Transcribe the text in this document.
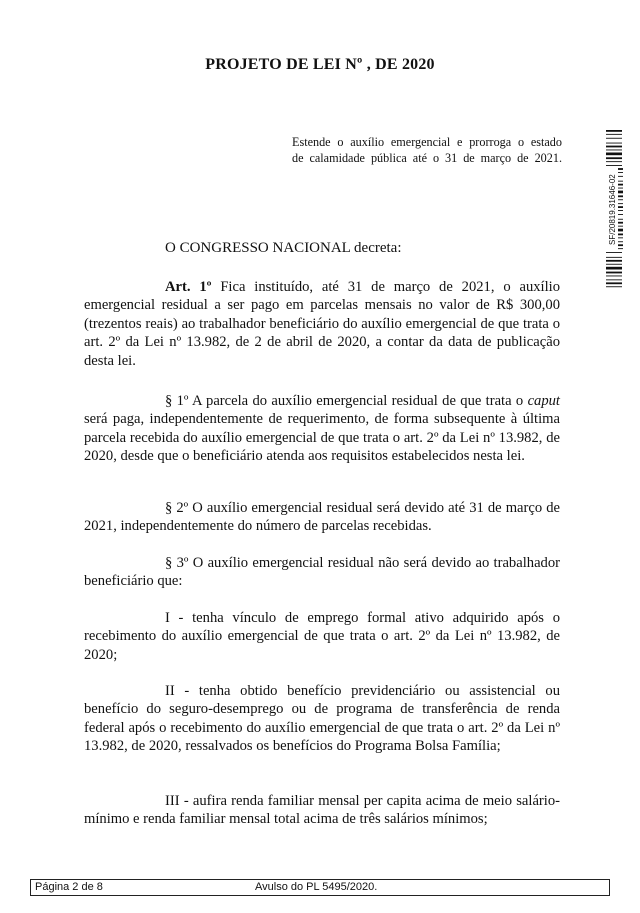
PROJETO DE LEI Nº , DE 2020
Estende o auxílio emergencial e prorroga o estado
de calamidade pública até o 31 de março de 2021.
SF/20819.31646-02
O CONGRESSO NACIONAL decreta:
Art. 1º Fica instituído, até 31 de março de 2021, o auxílio emergencial residual a ser pago em parcelas mensais no valor de R$ 300,00 (trezentos reais) ao trabalhador beneficiário do auxílio emergencial de que trata o art. 2º da Lei nº 13.982, de 2 de abril de 2020, a contar da data de publicação desta lei.
§ 1º A parcela do auxílio emergencial residual de que trata o caput será paga, independentemente de requerimento, de forma subsequente à última parcela recebida do auxílio emergencial de que trata o art. 2º da Lei nº 13.982, de 2020, desde que o beneficiário atenda aos requisitos estabelecidos nesta lei.
§ 2º O auxílio emergencial residual será devido até 31 de março de 2021, independentemente do número de parcelas recebidas.
§ 3º O auxílio emergencial residual não será devido ao trabalhador beneficiário que:
I - tenha vínculo de emprego formal ativo adquirido após o recebimento do auxílio emergencial de que trata o art. 2º da Lei nº 13.982, de 2020;
II - tenha obtido benefício previdenciário ou assistencial ou benefício do seguro-desemprego ou de programa de transferência de renda federal após o recebimento do auxílio emergencial de que trata o art. 2º da Lei nº 13.982, de 2020, ressalvados os benefícios do Programa Bolsa Família;
III - aufira renda familiar mensal per capita acima de meio salário-mínimo e renda familiar mensal total acima de três salários mínimos;
Página 2 de 8	Avulso do PL 5495/2020.
